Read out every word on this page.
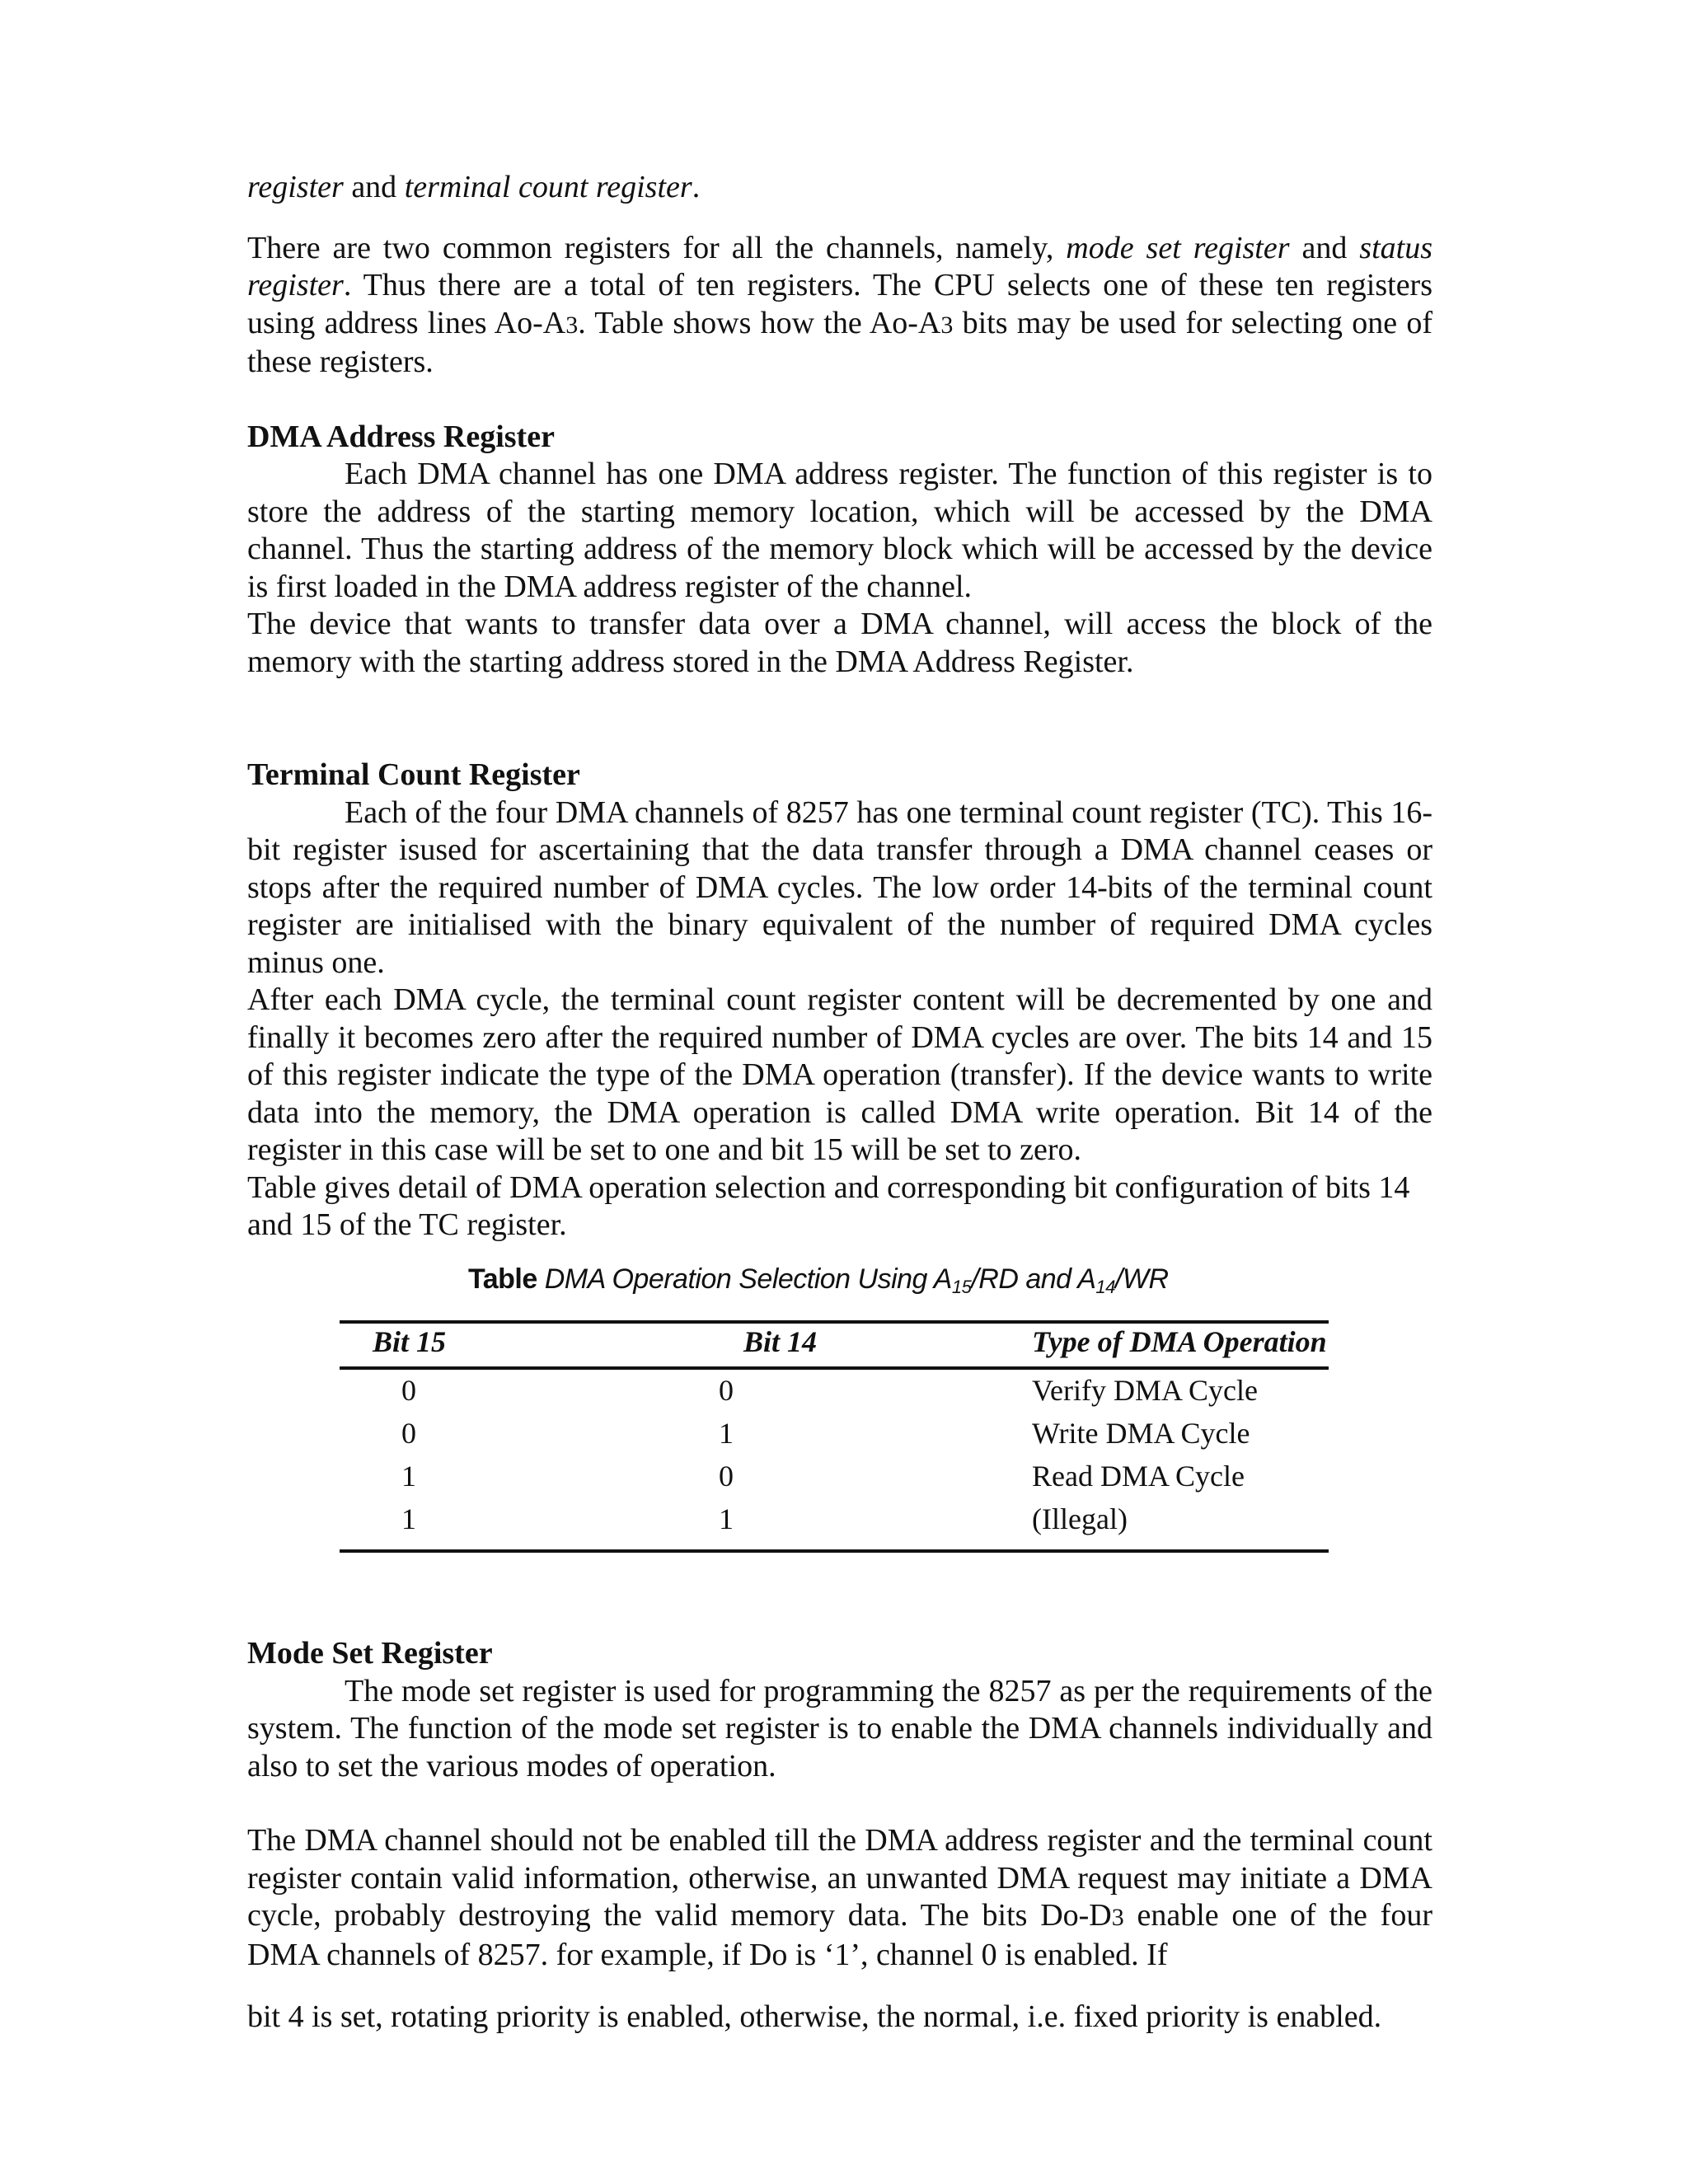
register and terminal count register.

There are two common registers for all the channels, namely, mode set register and status register. Thus there are a total of ten registers. The CPU selects one of these ten registers using address lines Ao-A3. Table shows how the Ao-A3 bits may be used for selecting one of these registers.

DMA Address Register

Each DMA channel has one DMA address register. The function of this register is to store the address of the starting memory location, which will be accessed by the DMA channel. Thus the starting address of the memory block which will be accessed by the device is first loaded in the DMA address register of the channel.

The device that wants to transfer data over a DMA channel, will access the block of the memory with the starting address stored in the DMA Address Register.

Terminal Count Register

Each of the four DMA channels of 8257 has one terminal count register (TC). This 16-bit register isused for ascertaining that the data transfer through a DMA channel ceases or stops after the required number of DMA cycles. The low order 14-bits of the terminal count register are initialised with the binary equivalent of the number of required DMA cycles minus one.

After each DMA cycle, the terminal count register content will be decremented by one and finally it becomes zero after the required number of DMA cycles are over. The bits 14 and 15 of this register indicate the type of the DMA operation (transfer). If the device wants to write data into the memory, the DMA operation is called DMA write operation. Bit 14 of the register in this case will be set to one and bit 15 will be set to zero.

Table gives detail of DMA operation selection and corresponding bit configuration of bits 14 and 15 of the TC register.

Table DMA Operation Selection Using $A_{15}/RD$ and $A_{14}/WR$
Bit 15	Bit 14	Type of DMA Operation
0	0	Verify DMA Cycle
0	1	Write DMA Cycle
1	0	Read DMA Cycle
1	1	(Illegal)

Mode Set Register

The mode set register is used for programming the 8257 as per the requirements of the system. The function of the mode set register is to enable the DMA channels individually and also to set the various modes of operation.

The DMA channel should not be enabled till the DMA address register and the terminal count register contain valid information, otherwise, an unwanted DMA request may initiate a DMA cycle, probably destroying the valid memory data. The bits Do-D3 enable one of the four DMA channels of 8257. for example, if Do is ‘1’, channel 0 is enabled. If

bit 4 is set, rotating priority is enabled, otherwise, the normal, i.e. fixed priority is enabled.
